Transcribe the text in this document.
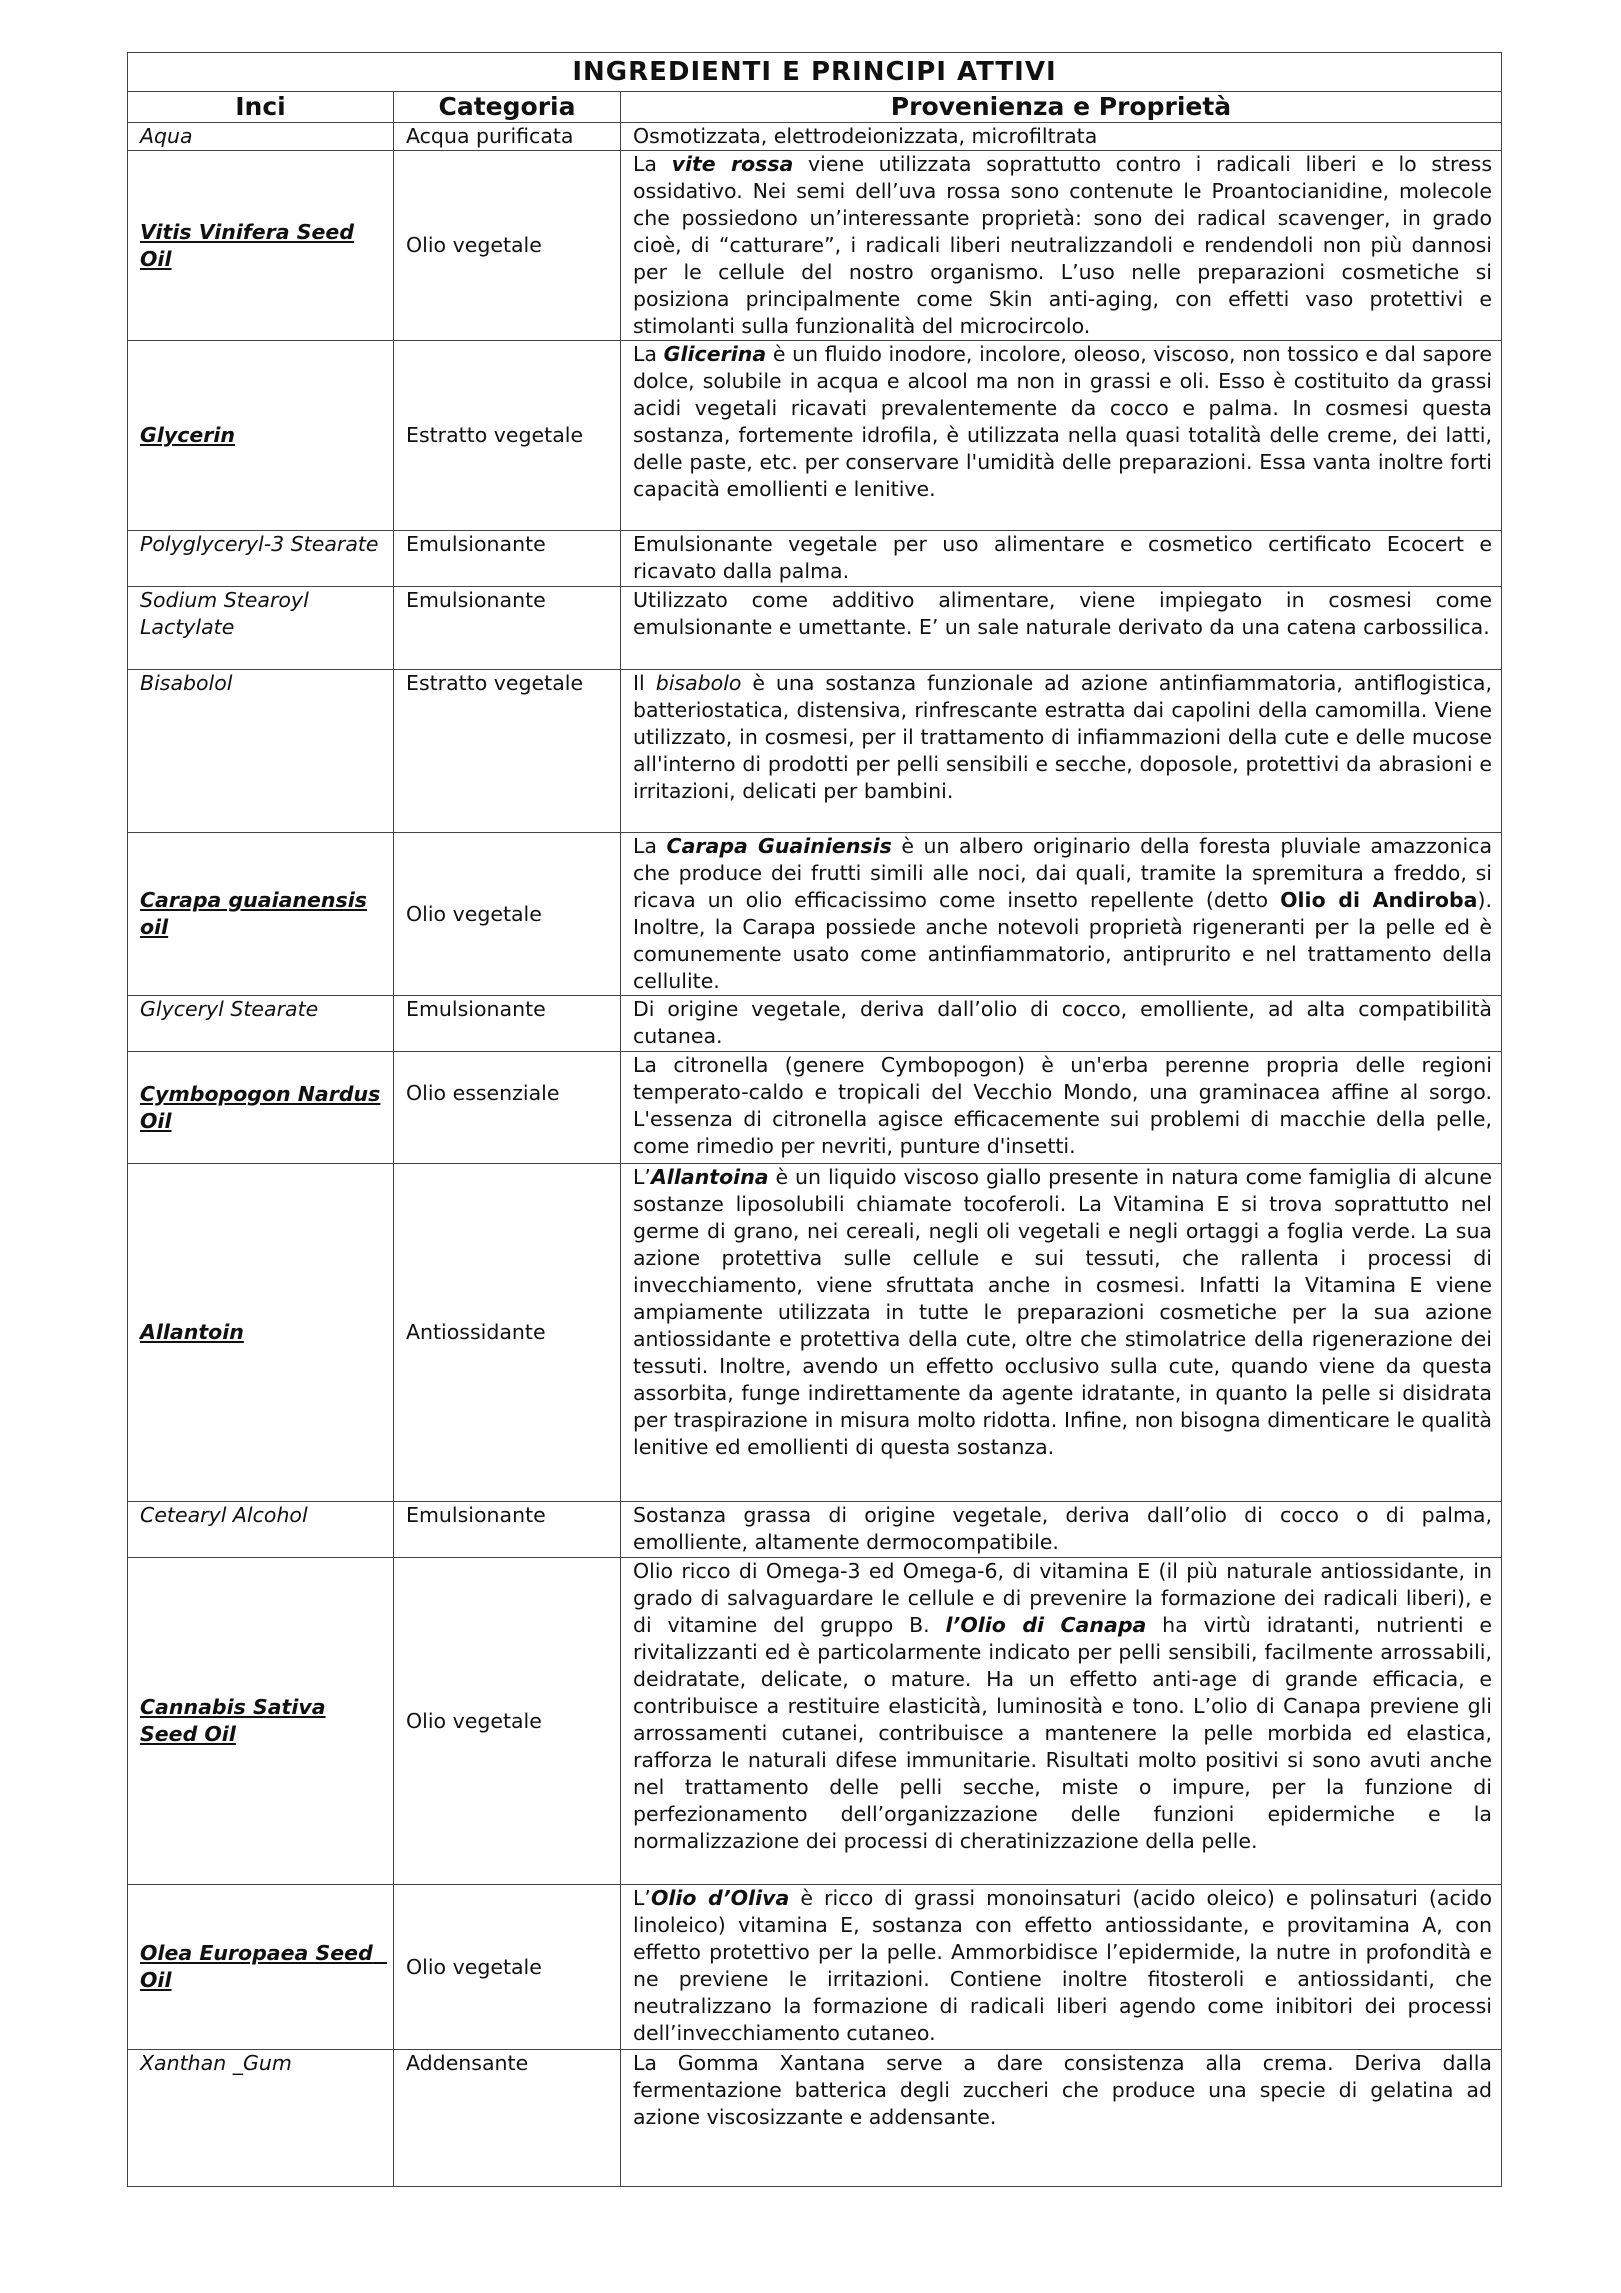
INGREDIENTI E PRINCIPI ATTIVI		
Inci	Categoria	Provenienza e Proprietà
Aqua	Acqua purificata	Osmotizzata, elettrodeionizzata, microfiltrata
Vitis Vinifera Seed Oil	Olio vegetale	La vite rossa viene utilizzata soprattutto contro i radicali liberi e lo stress ossidativo. Nei semi dell’uva rossa sono contenute le Proantocianidine, molecole che possiedono un’interessante proprietà: sono dei radical scavenger, in grado cioè, di “catturare”, i radicali liberi neutralizzandoli e rendendoli non più dannosi per le cellule del nostro organismo. L’uso nelle preparazioni cosmetiche si posiziona principalmente come Skin anti-aging, con effetti vaso protettivi e stimolanti sulla funzionalità del microcircolo.
Glycerin	Estratto vegetale	La Glicerina è un fluido inodore, incolore, oleoso, viscoso, non tossico e dal sapore dolce, solubile in acqua e alcool ma non in grassi e oli. Esso è costituito da grassi acidi vegetali ricavati prevalentemente da cocco e palma. In cosmesi questa sostanza, fortemente idrofila, è utilizzata nella quasi totalità delle creme, dei latti, delle paste, etc. per conservare l'umidità delle preparazioni. Essa vanta inoltre forti capacità emollienti e lenitive.
Polyglyceryl-3 Stearate	Emulsionante	Emulsionante vegetale per uso alimentare e cosmetico certificato Ecocert e ricavato dalla palma.
Sodium Stearoyl Lactylate	Emulsionante	Utilizzato come additivo alimentare, viene impiegato in cosmesi come emulsionante e umettante. E’ un sale naturale derivato da una catena carbossilica.
Bisabolol	Estratto vegetale	Il bisabolo è una sostanza funzionale ad azione antinfiammatoria, antiflogistica, batteriostatica, distensiva, rinfrescante estratta dai capolini della camomilla. Viene utilizzato, in cosmesi, per il trattamento di infiammazioni della cute e delle mucose all'interno di prodotti per pelli sensibili e secche, doposole, protettivi da abrasioni e irritazioni, delicati per bambini.
Carapa guaianensis oil	Olio vegetale	La Carapa Guainiensis è un albero originario della foresta pluviale amazzonica che produce dei frutti simili alle noci, dai quali, tramite la spremitura a freddo, si ricava un olio efficacissimo come insetto repellente (detto Olio di Andiroba). Inoltre, la Carapa possiede anche notevoli proprietà rigeneranti per la pelle ed è comunemente usato come antinfiammatorio, antiprurito e nel trattamento della cellulite.
Glyceryl Stearate	Emulsionante	Di origine vegetale, deriva dall’olio di cocco, emolliente, ad alta compatibilità cutanea.
Cymbopogon Nardus Oil	Olio essenziale	La citronella (genere Cymbopogon) è un'erba perenne propria delle regioni temperato-caldo e tropicali del Vecchio Mondo, una graminacea affine al sorgo. L'essenza di citronella agisce efficacemente sui problemi di macchie della pelle, come rimedio per nevriti, punture d'insetti.
Allantoin	Antiossidante	L’Allantoina è un liquido viscoso giallo presente in natura come famiglia di alcune sostanze liposolubili chiamate tocoferoli. La Vitamina E si trova soprattutto nel germe di grano, nei cereali, negli oli vegetali e negli ortaggi a foglia verde. La sua azione protettiva sulle cellule e sui tessuti, che rallenta i processi di invecchiamento, viene sfruttata anche in cosmesi. Infatti la Vitamina E viene ampiamente utilizzata in tutte le preparazioni cosmetiche per la sua azione antiossidante e protettiva della cute, oltre che stimolatrice della rigenerazione dei tessuti. Inoltre, avendo un effetto occlusivo sulla cute, quando viene da questa assorbita, funge indirettamente da agente idratante, in quanto la pelle si disidrata per traspirazione in misura molto ridotta. Infine, non bisogna dimenticare le qualità lenitive ed emollienti di questa sostanza.
Cetearyl Alcohol	Emulsionante	Sostanza grassa di origine vegetale, deriva dall’olio di cocco o di palma, emolliente, altamente dermocompatibile.
Cannabis Sativa Seed Oil	Olio vegetale	Olio ricco di Omega-3 ed Omega-6, di vitamina E (il più naturale antiossidante, in grado di salvaguardare le cellule e di prevenire la formazione dei radicali liberi), e di vitamine del gruppo B. l’Olio di Canapa ha virtù idratanti, nutrienti e rivitalizzanti ed è particolarmente indicato per pelli sensibili, facilmente arrossabili, deidratate, delicate, o mature. Ha un effetto anti-age di grande efficacia, e contribuisce a restituire elasticità, luminosità e tono. L’olio di Canapa previene gli arrossamenti cutanei, contribuisce a mantenere la pelle morbida ed elastica, rafforza le naturali difese immunitarie. Risultati molto positivi si sono avuti anche nel trattamento delle pelli secche, miste o impure, per la funzione di perfezionamento dell’organizzazione delle funzioni epidermiche e la normalizzazione dei processi di cheratinizzazione della pelle.
Olea Europaea Seed  Oil	Olio vegetale	L’Olio d’Oliva è ricco di grassi monoinsaturi (acido oleico) e polinsaturi (acido linoleico) vitamina E, sostanza con effetto antiossidante, e provitamina A, con effetto protettivo per la pelle. Ammorbidisce l’epidermide, la nutre in profondità e ne previene le irritazioni. Contiene inoltre fitosteroli e antiossidanti, che neutralizzano la formazione di radicali liberi agendo come inibitori dei processi dell’invecchiamento cutaneo.
Xanthan _Gum	Addensante	La Gomma Xantana serve a dare consistenza alla crema. Deriva dalla fermentazione batterica degli zuccheri che produce una specie di gelatina ad azione viscosizzante e addensante.
